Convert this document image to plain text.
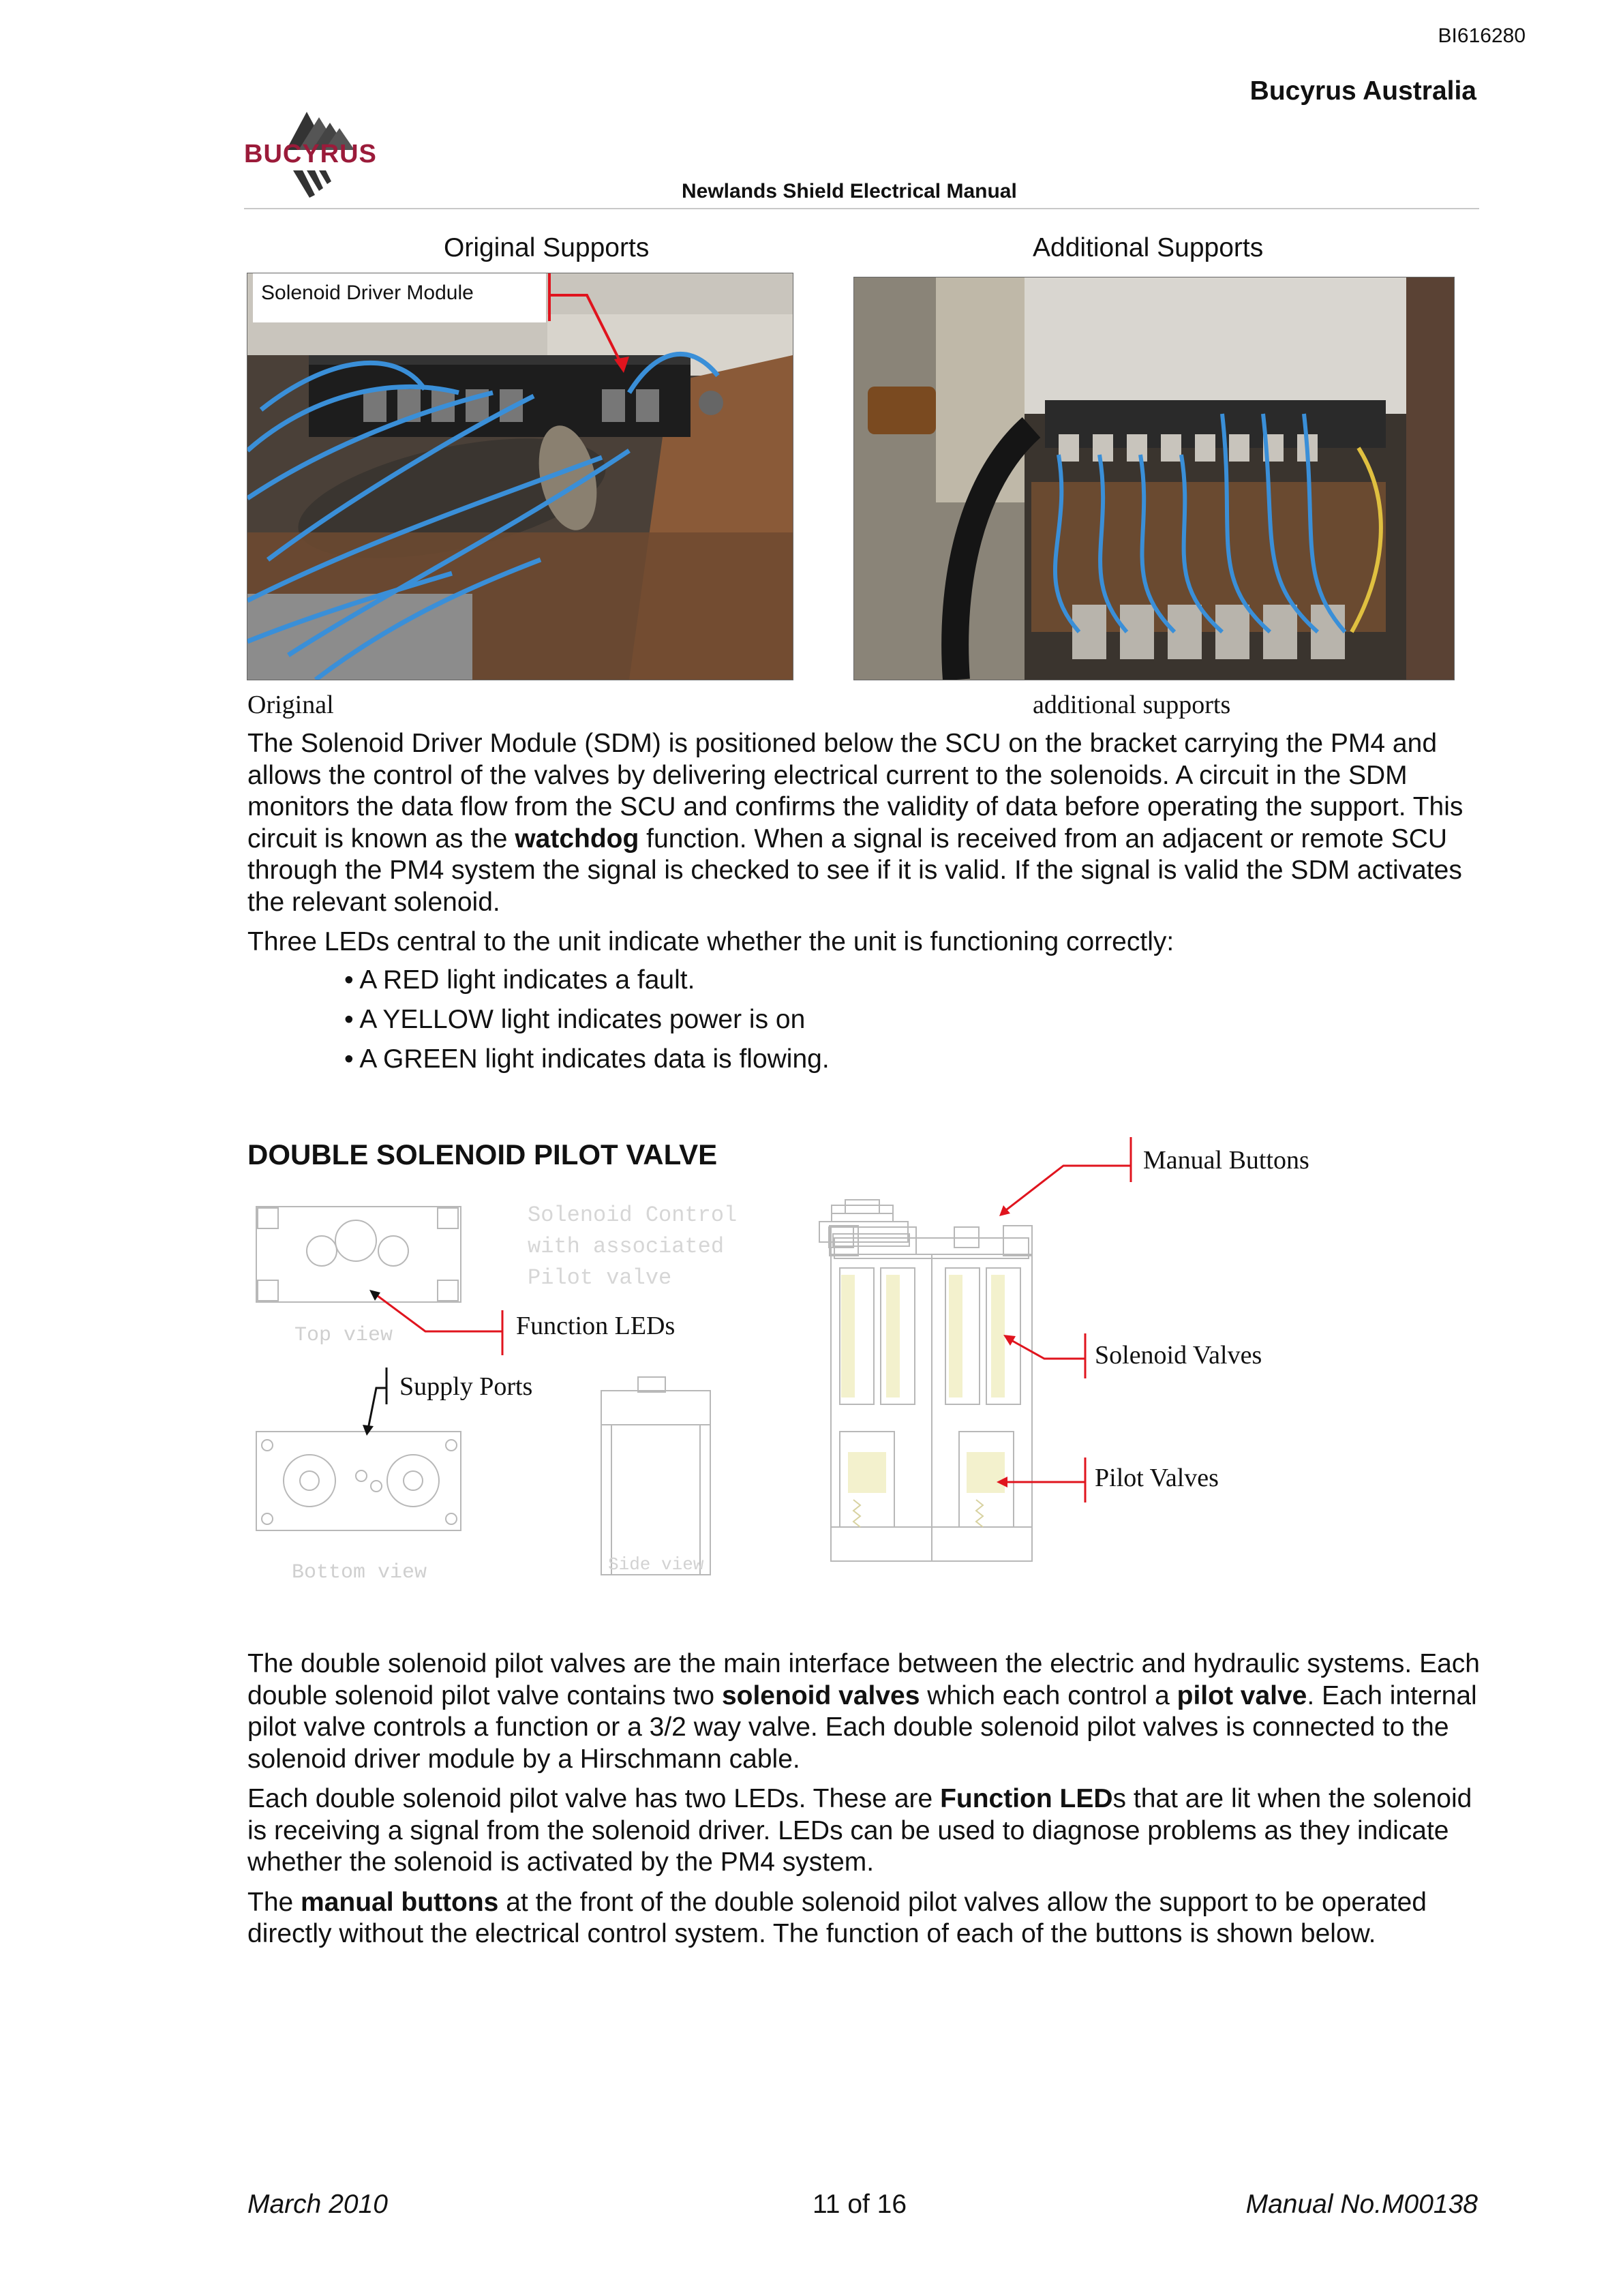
BI616280
Bucyrus Australia
BUCYRUS
Newlands Shield Electrical Manual
Original Supports	Additional Supports
Solenoid Driver Module
Original	additional supports

The Solenoid Driver Module (SDM) is positioned below the SCU on the bracket carrying the PM4 and allows the control of the valves by delivering electrical current to the solenoids. A circuit in the SDM monitors the data flow from the SCU and confirms the validity of data before operating the support. This circuit is known as the watchdog function. When a signal is received from an adjacent or remote SCU through the PM4 system the signal is checked to see if it is valid. If the signal is valid the SDM activates the relevant solenoid.

Three LEDs central to the unit indicate whether the unit is functioning correctly:

• A RED light indicates a fault.
• A YELLOW light indicates power is on
• A GREEN light indicates data is flowing.
DOUBLE SOLENOID PILOT VALVE	Manual Buttons
Function LEDs
Supply Ports
Solenoid Valves
Pilot Valves
Top view
Bottom view	Side view
Solenoid Control
with associated
Pilot valve

The double solenoid pilot valves are the main interface between the electric and hydraulic systems. Each double solenoid pilot valve contains two solenoid valves which each control a pilot valve. Each internal pilot valve controls a function or a 3/2 way valve. Each double solenoid pilot valves is connected to the solenoid driver module by a Hirschmann cable.

Each double solenoid pilot valve has two LEDs. These are Function LEDs that are lit when the solenoid is receiving a signal from the solenoid driver. LEDs can be used to diagnose problems as they indicate whether the solenoid is activated by the PM4 system.

The manual buttons at the front of the double solenoid pilot valves allow the support to be operated directly without the electrical control system. The function of each of the buttons is shown below.

March 2010	11 of 16	Manual No.M00138
